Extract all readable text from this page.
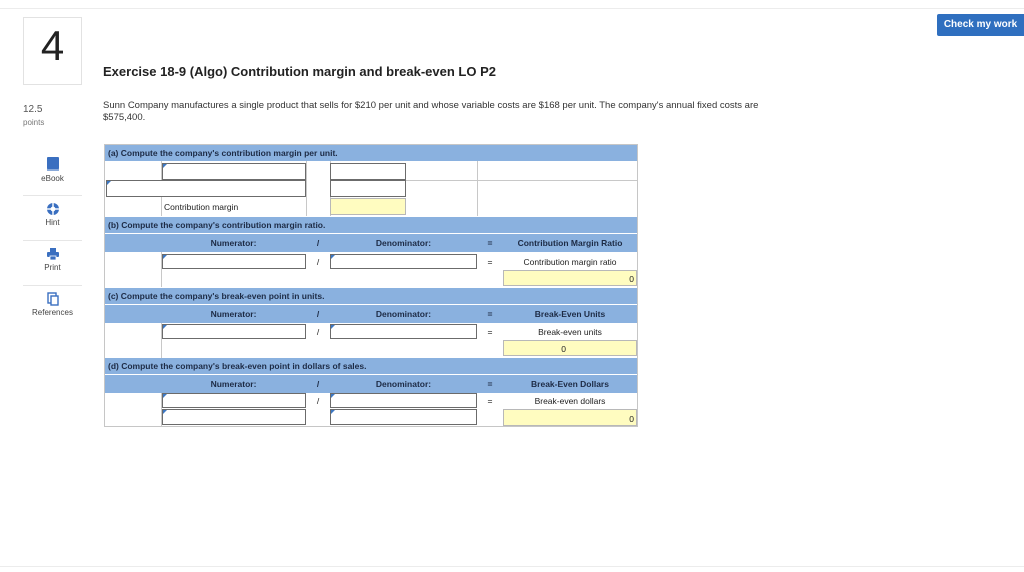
Check my work
4
12.5
points
eBook
Hint
Print
References
Exercise 18-9 (Algo) Contribution margin and break-even LO P2
Sunn Company manufactures a single product that sells for $210 per unit and whose variable costs are $168 per unit. The company's annual fixed costs are $575,400.
(a) Compute the company's contribution margin per unit.
Contribution margin
(b) Compute the company's contribution margin ratio.
Numerator:	/	Denominator:	=	Contribution Margin Ratio
/	=	Contribution margin ratio
0
(c) Compute the company's break-even point in units.
Numerator:	/	Denominator:	=	Break-Even Units
/	=	Break-even units
0
(d) Compute the company's break-even point in dollars of sales.
Numerator:	/	Denominator:	=	Break-Even Dollars
/	=	Break-even dollars
0
